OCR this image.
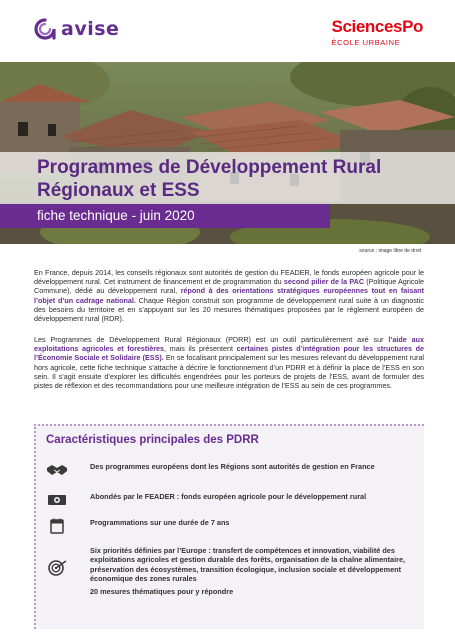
avise	SciencesPo
ÉCOLE URBAINE
Programmes de Développement Rural
Régionaux et ESS
fiche technique - juin 2020
source : image libre de droit
En France, depuis 2014, les conseils régionaux sont autorités de gestion du FEADER, le fonds européen agricole pour le développement rural. Cet instrument de financement et de programmation du second pilier de la PAC (Politique Agricole Commune), dédié au développement rural, répond à des orientations stratégiques européennes tout en faisant l’objet d’un cadrage national. Chaque Région construit son programme de développement rural suite à un diagnostic des besoins du territoire et en s’appuyant sur les 20 mesures thématiques proposées par le règlement européen de développement rural (RDR).
Les Programmes de Développement Rural Régionaux (PDRR) est un outil particulièrement axé sur l’aide aux exploitations agricoles et forestières, mais ils présentent certaines pistes d’intégration pour les structures de l’Économie Sociale et Solidaire (ESS). En se focalisant principalement sur les mesures relevant du développement rural hors agricole, cette fiche technique s’attache à décrire le fonctionnement d’un PDRR et à définir la place de l’ESS en son sein. Il s’agit ensuite d’explorer les difficultés engendrées pour les porteurs de projets de l’ESS, avant de formuler des pistes de réflexion et des recommandations pour une meilleure intégration de l’ESS au sein de ces programmes.
Caractéristiques principales des PDRR
Des programmes européens dont les Régions sont autorités de gestion en France
Abondés par le FEADER : fonds européen agricole pour le développement rural
Programmations sur une durée de 7 ans
Six priorités définies par l’Europe : transfert de compétences et innovation, viabilité des exploitations agricoles et gestion durable des forêts, organisation de la chaîne alimentaire, préservation des écosystèmes, transition écologique, inclusion sociale et développement économique des zones rurales
20 mesures thématiques pour y répondre
